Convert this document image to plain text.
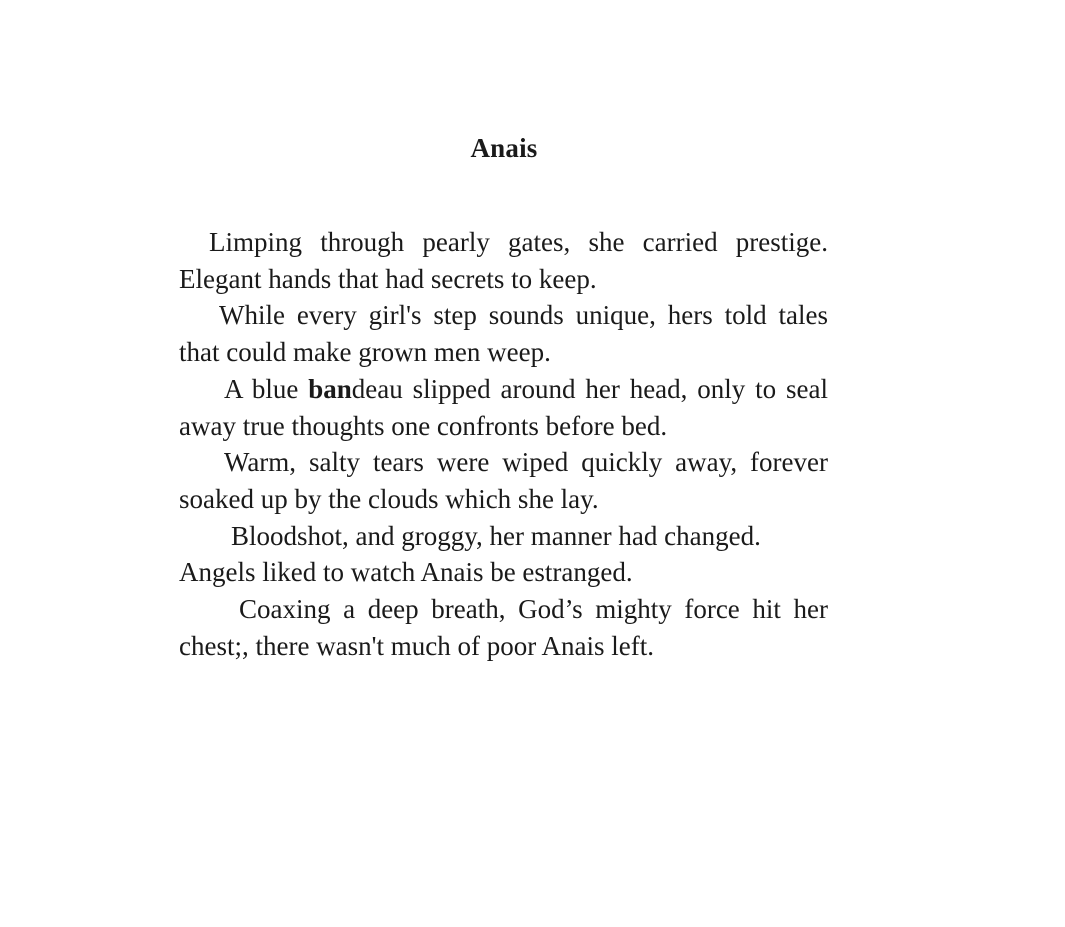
Anais
Limping through pearly gates, she carried prestige.
Elegant hands that had secrets to keep.
While every girl's step sounds unique, hers told tales
that could make grown men weep.
A blue bandeau slipped around her head, only to seal
away true thoughts one confronts before bed.
Warm, salty tears were wiped quickly away, forever
soaked up by the clouds which she lay.
Bloodshot, and groggy, her manner had changed.
Angels liked to watch Anais be estranged.
Coaxing a deep breath, God’s mighty force hit her
chest;, there wasn't much of poor Anais left.
